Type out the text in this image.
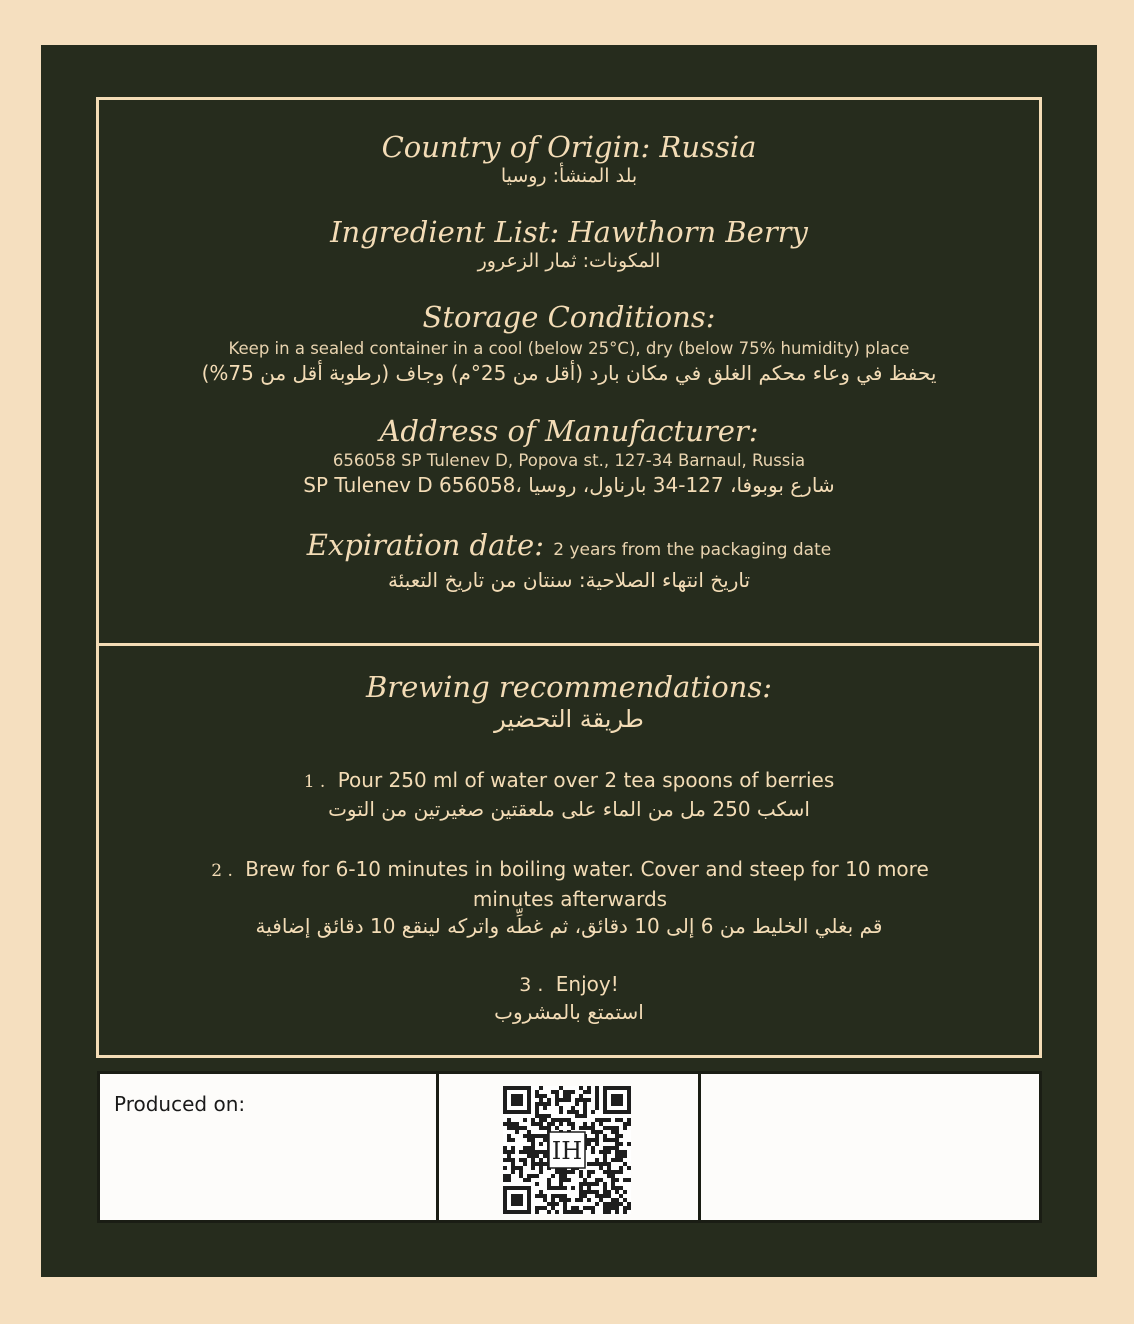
Country of Origin: Russia
بلد المنشأ: روسيا
Ingredient List: Hawthorn Berry
المكونات: ثمار الزعرور
Storage Conditions:
Keep in a sealed container in a cool (below 25°C), dry (below 75% humidity) place
يحفظ في وعاء محكم الغلق في مكان بارد (أقل من 25°م) وجاف (رطوبة أقل من 75%)
Address of Manufacturer:
656058 SP Tulenev D, Popova st., 127-34 Barnaul, Russia
شارع بوبوفا، 127-34 بارناول، روسيا ،656058 SP Tulenev D
Expiration date: 2 years from the packaging date
تاريخ انتهاء الصلاحية: سنتان من تاريخ التعبئة
Brewing recommendations:
طريقة التحضير
1 . Pour 250 ml of water over 2 tea spoons of berries
اسكب 250 مل من الماء على ملعقتين صغيرتين من التوت
2 . Brew for 6-10 minutes in boiling water. Cover and steep for 10 more minutes afterwards
قم بغلي الخليط من 6 إلى 10 دقائق، ثم غطِّه واتركه لينقع 10 دقائق إضافية
3 . Enjoy!
استمتع بالمشروب
Produced on:
IH
